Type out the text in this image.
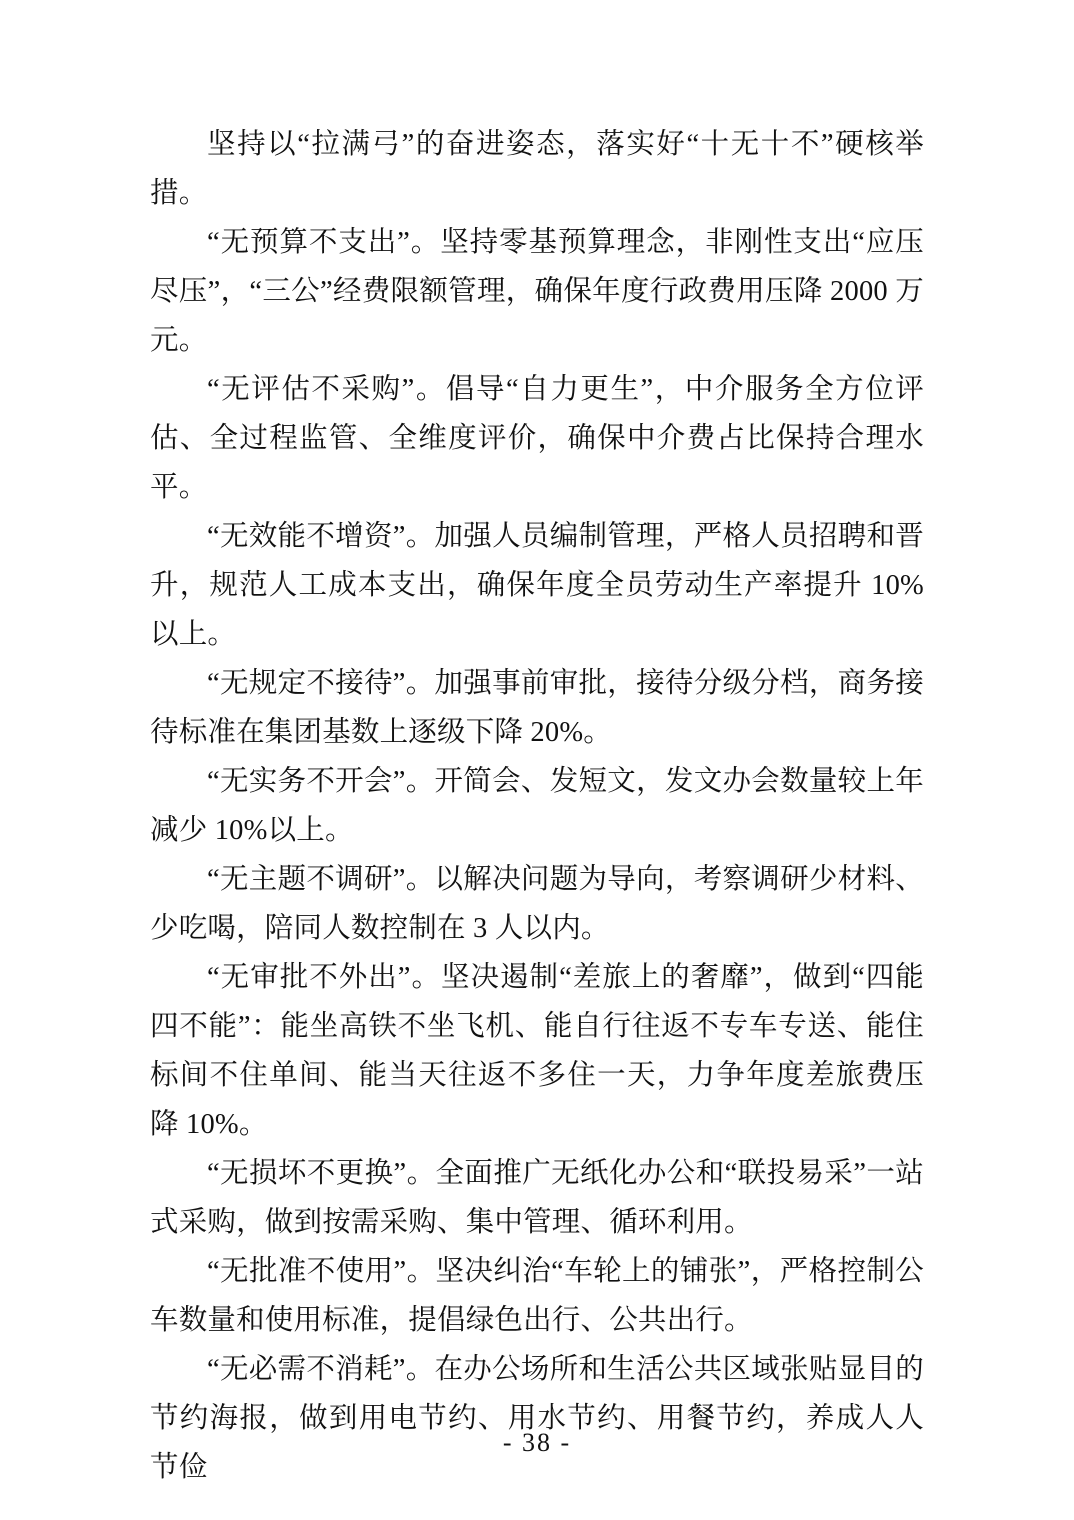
坚持以“拉满弓”的奋进姿态，落实好“十无十不”硬核举措。

“无预算不支出”。坚持零基预算理念，非刚性支出“应压尽压”，“三公”经费限额管理，确保年度行政费用压降 2000 万元。

“无评估不采购”。倡导“自力更生”，中介服务全方位评估、全过程监管、全维度评价，确保中介费占比保持合理水平。

“无效能不增资”。加强人员编制管理，严格人员招聘和晋升，规范人工成本支出，确保年度全员劳动生产率提升 10%以上。

“无规定不接待”。加强事前审批，接待分级分档，商务接待标准在集团基数上逐级下降 20%。

“无实务不开会”。开简会、发短文，发文办会数量较上年减少 10%以上。

“无主题不调研”。以解决问题为导向，考察调研少材料、少吃喝，陪同人数控制在 3 人以内。

“无审批不外出”。坚决遏制“差旅上的奢靡”，做到“四能四不能”：能坐高铁不坐飞机、能自行往返不专车专送、能住标间不住单间、能当天往返不多住一天，力争年度差旅费压降 10%。

“无损坏不更换”。全面推广无纸化办公和“联投易采”一站式采购，做到按需采购、集中管理、循环利用。

“无批准不使用”。坚决纠治“车轮上的铺张”，严格控制公车数量和使用标准，提倡绿色出行、公共出行。

“无必需不消耗”。在办公场所和生活公共区域张贴显目的节约海报，做到用电节约、用水节约、用餐节约，养成人人节俭

- 38 -
